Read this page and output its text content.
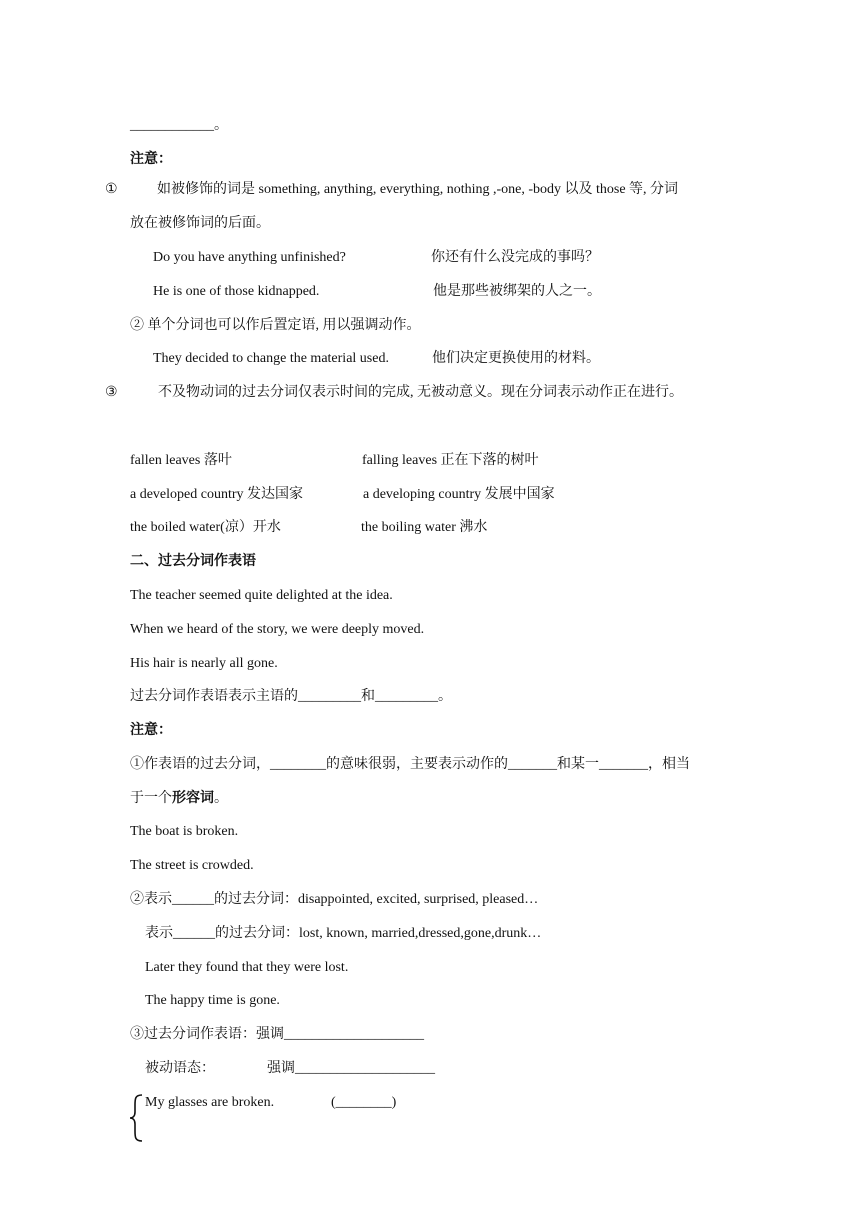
____________。
注意：
①	如被修饰的词是 something, anything, everything, nothing ,-one, -body 以及 those 等, 分词
放在被修饰词的后面。
Do you have anything unfinished?	你还有什么没完成的事吗？
He is one of those kidnapped.	他是那些被绑架的人之一。
② 单个分词也可以作后置定语, 用以强调动作。
They decided to change the material used.	他们决定更换使用的材料。
③	不及物动词的过去分词仅表示时间的完成, 无被动意义。现在分词表示动作正在进行。
fallen leaves 落叶	falling leaves 正在下落的树叶
a developed country 发达国家	a developing country 发展中国家
the boiled water(凉）开水	the boiling water 沸水
二、过去分词作表语
The teacher seemed quite delighted at the idea.
When we heard of the story, we were deeply moved.
His hair is nearly all gone.
过去分词作表语表示主语的_________和_________。
注意：
①作表语的过去分词，________的意味很弱，主要表示动作的_______和某一_______，相当
于一个形容词。
The boat is broken.
The street is crowded.
②表示______的过去分词：disappointed, excited, surprised, pleased…
表示______的过去分词：lost, known, married,dressed,gone,drunk…
Later they found that they were lost.
The happy time is gone.
③过去分词作表语：强调____________________
被动语态：	强调____________________
My glasses are broken.	(________)
